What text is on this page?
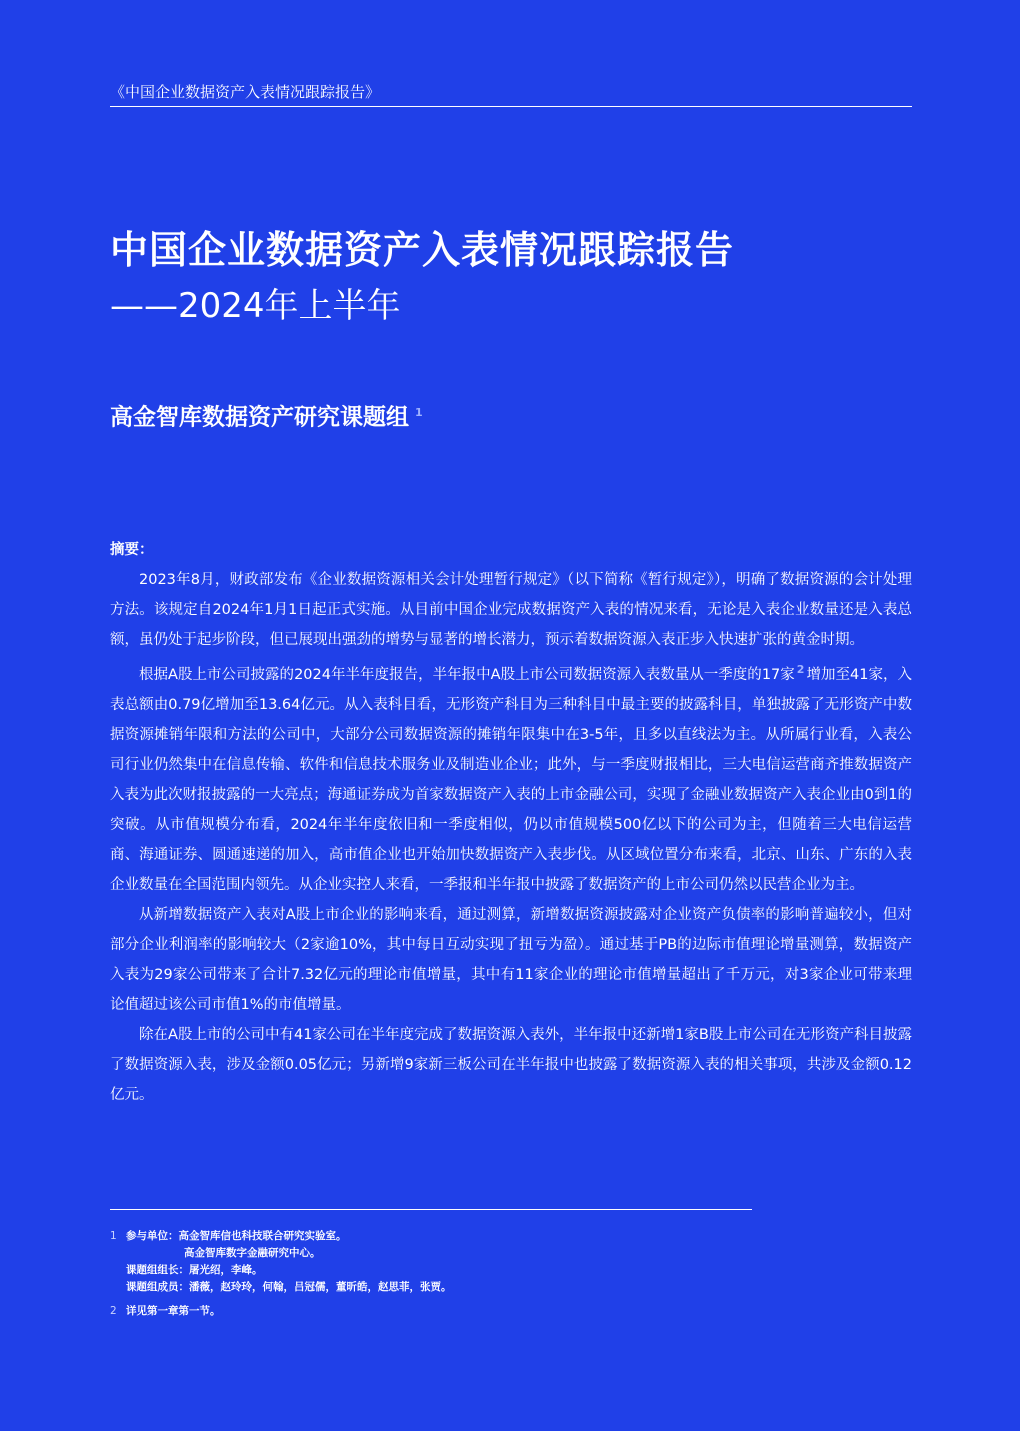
《中国企业数据资产入表情况跟踪报告》
中国企业数据资产入表情况跟踪报告
——2024年上半年
高金智库数据资产研究课题组 $^1$
摘要：

2023年8月，财政部发布《企业数据资源相关会计处理暂行规定》（以下简称《暂行规定》），明确了数据资源的会计处理方法。该规定自2024年1月1日起正式实施。从目前中国企业完成数据资产入表的情况来看，无论是入表企业数量还是入表总额，虽仍处于起步阶段，但已展现出强劲的增势与显著的增长潜力，预示着数据资源入表正步入快速扩张的黄金时期。

根据A股上市公司披露的2024年半年度报告，半年报中A股上市公司数据资源入表数量从一季度的17家 $^2$ 增加至41家，入表总额由0.79亿增加至13.64亿元。从入表科目看，无形资产科目为三种科目中最主要的披露科目，单独披露了无形资产中数据资源摊销年限和方法的公司中，大部分公司数据资源的摊销年限集中在3-5年，且多以直线法为主。从所属行业看，入表公司行业仍然集中在信息传输、软件和信息技术服务业及制造业企业；此外，与一季度财报相比，三大电信运营商齐推数据资产入表为此次财报披露的一大亮点；海通证券成为首家数据资产入表的上市金融公司，实现了金融业数据资产入表企业由0到1的突破。从市值规模分布看，2024年半年度依旧和一季度相似，仍以市值规模500亿以下的公司为主，但随着三大电信运营商、海通证券、圆通速递的加入，高市值企业也开始加快数据资产入表步伐。从区域位置分布来看，北京、山东、广东的入表企业数量在全国范围内领先。从企业实控人来看，一季报和半年报中披露了数据资产的上市公司仍然以民营企业为主。

从新增数据资产入表对A股上市企业的影响来看，通过测算，新增数据资源披露对企业资产负债率的影响普遍较小，但对部分企业利润率的影响较大（2家逾10%，其中每日互动实现了扭亏为盈）。通过基于PB的边际市值理论增量测算，数据资产入表为29家公司带来了合计7.32亿元的理论市值增量，其中有11家企业的理论市值增量超出了千万元，对3家企业可带来理论值超过该公司市值1%的市值增量。

除在A股上市的公司中有41家公司在半年度完成了数据资源入表外，半年报中还新增1家B股上市公司在无形资产科目披露了数据资源入表，涉及金额0.05亿元；另新增9家新三板公司在半年报中也披露了数据资源入表的相关事项，共涉及金额0.12亿元。

1 参与单位：高金智库信也科技联合研究实验室。
高金智库数字金融研究中心。
课题组组长：屠光绍，李峰。
课题组成员：潘薇，赵玲玲，何翰，吕冠儒，董昕皓，赵思菲，张贾。
2 详见第一章第一节。
